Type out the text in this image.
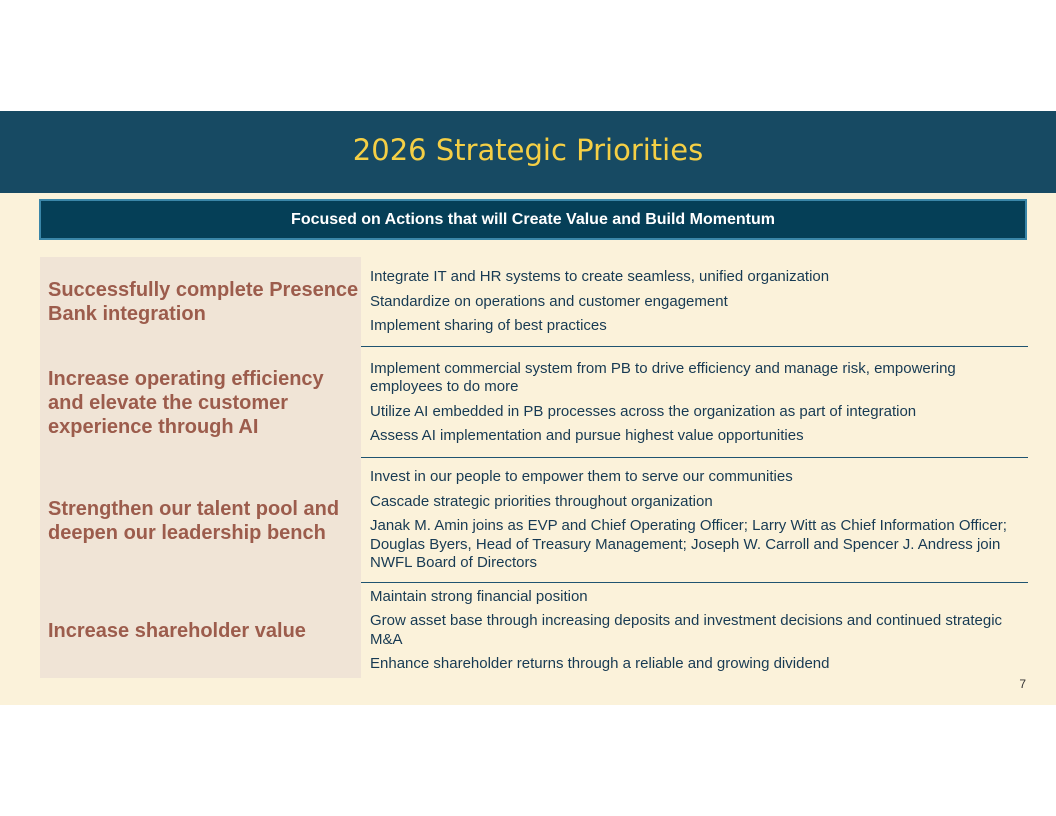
2026 Strategic Priorities
Focused on Actions that will Create Value and Build Momentum
Successfully complete Presence Bank integration
Integrate IT and HR systems to create seamless, unified organization
Standardize on operations and customer engagement
Implement sharing of best practices
Increase operating efficiency and elevate the customer experience through AI
Implement commercial system from PB to drive efficiency and manage risk, empowering employees to do more
Utilize AI embedded in PB processes across the organization as part of integration
Assess AI implementation and pursue highest value opportunities
Strengthen our talent pool and deepen our leadership bench
Invest in our people to empower them to serve our communities
Cascade strategic priorities throughout organization
Janak M. Amin joins as EVP and Chief Operating Officer; Larry Witt as Chief Information Officer; Douglas Byers, Head of Treasury Management; Joseph W. Carroll and Spencer J. Andress join NWFL Board of Directors
Increase shareholder value
Maintain strong financial position
Grow asset base through increasing deposits and investment decisions and continued strategic M&A
Enhance shareholder returns through a reliable and growing dividend
7
